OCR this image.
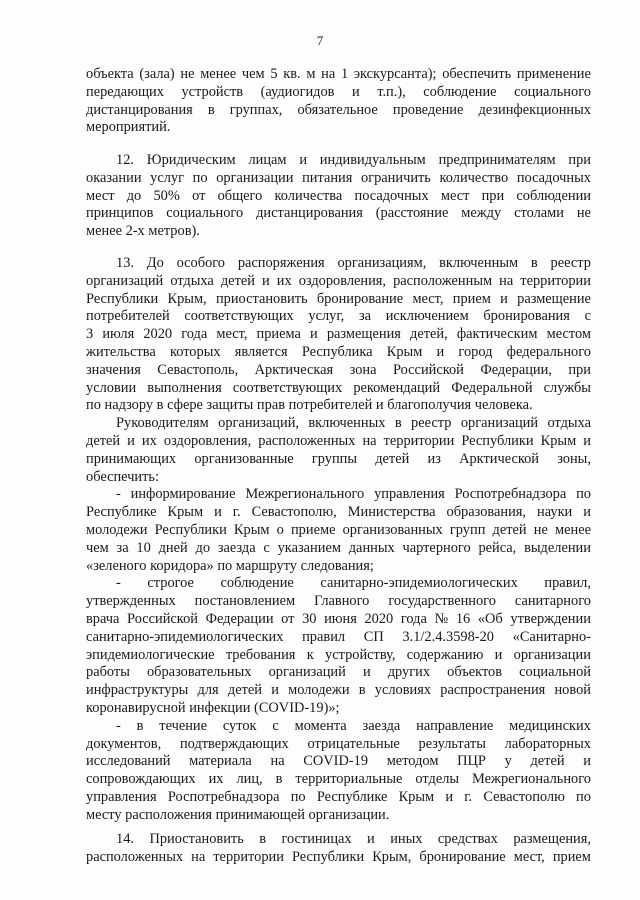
7
объекта (зала) не менее чем 5 кв. м на 1 экскурсанта); обеспечить применение
передающих устройств (аудиогидов и т.п.), соблюдение социального
дистанцирования в группах, обязательное проведение дезинфекционных
мероприятий.
12. Юридическим лицам и индивидуальным предпринимателям при
оказании услуг по организации питания ограничить количество посадочных
мест до 50% от общего количества посадочных мест при соблюдении
принципов социального дистанцирования (расстояние между столами не
менее 2-х метров).
13. До особого распоряжения организациям, включенным в реестр
организаций отдыха детей и их оздоровления, расположенным на территории
Республики Крым, приостановить бронирование мест, прием и размещение
потребителей соответствующих услуг, за исключением бронирования с
3 июля 2020 года мест, приема и размещения детей, фактическим местом
жительства которых является Республика Крым и город федерального
значения Севастополь, Арктическая зона Российской Федерации, при
условии выполнения соответствующих рекомендаций Федеральной службы
по надзору в сфере защиты прав потребителей и благополучия человека.
Руководителям организаций, включенных в реестр организаций отдыха
детей и их оздоровления, расположенных на территории Республики Крым и
принимающих организованные группы детей из Арктической зоны,
обеспечить:
- информирование Межрегионального управления Роспотребнадзора по
Республике Крым и г. Севастополю, Министерства образования, науки и
молодежи Республики Крым о приеме организованных групп детей не менее
чем за 10 дней до заезда с указанием данных чартерного рейса, выделении
«зеленого коридора» по маршруту следования;
- строгое соблюдение санитарно-эпидемиологических правил,
утвержденных постановлением Главного государственного санитарного
врача Российской Федерации от 30 июня 2020 года № 16 «Об утверждении
санитарно-эпидемиологических правил СП 3.1/2.4.3598-20 «Санитарно-
эпидемиологические требования к устройству, содержанию и организации
работы образовательных организаций и других объектов социальной
инфраструктуры для детей и молодежи в условиях распространения новой
коронавирусной инфекции (COVID-19)»;
- в течение суток с момента заезда направление медицинских
документов, подтверждающих отрицательные результаты лабораторных
исследований материала на COVID-19 методом ПЦР у детей и
сопровождающих их лиц, в территориальные отделы Межрегионального
управления Роспотребнадзора по Республике Крым и г. Севастополю по
месту расположения принимающей организации.
14. Приостановить в гостиницах и иных средствах размещения,
расположенных на территории Республики Крым, бронирование мест, прием
